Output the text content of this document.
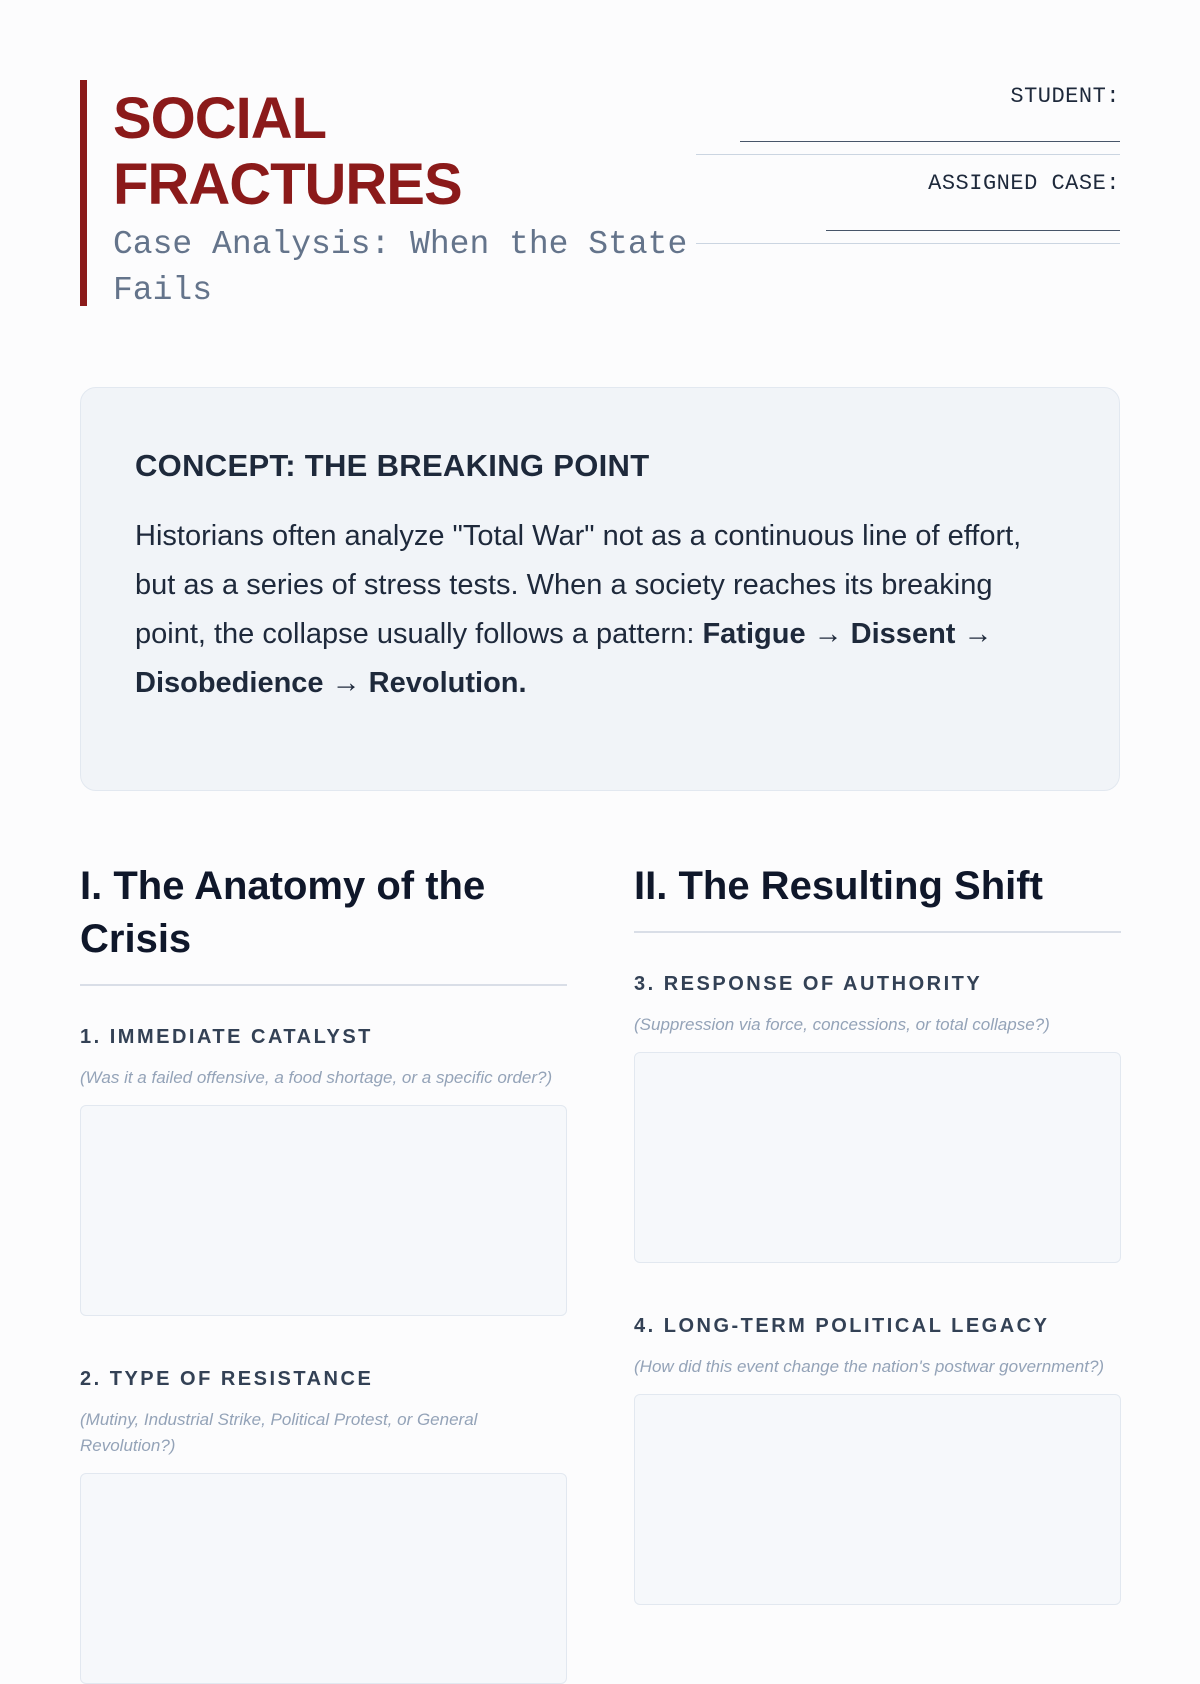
SOCIAL
FRACTURES
Case Analysis: When the State Fails
STUDENT:
ASSIGNED CASE:
CONCEPT: THE BREAKING POINT

Historians often analyze "Total War" not as a continuous line of effort, but as a series of stress tests. When a society reaches its breaking point, the collapse usually follows a pattern: Fatigue → Dissent → Disobedience → Revolution.

I. The Anatomy of the Crisis
1. IMMEDIATE CATALYST
(Was it a failed offensive, a food shortage, or a specific order?)
2. TYPE OF RESISTANCE
(Mutiny, Industrial Strike, Political Protest, or General Revolution?)
II. The Resulting Shift
3. RESPONSE OF AUTHORITY
(Suppression via force, concessions, or total collapse?)
4. LONG-TERM POLITICAL LEGACY
(How did this event change the nation's postwar government?)
